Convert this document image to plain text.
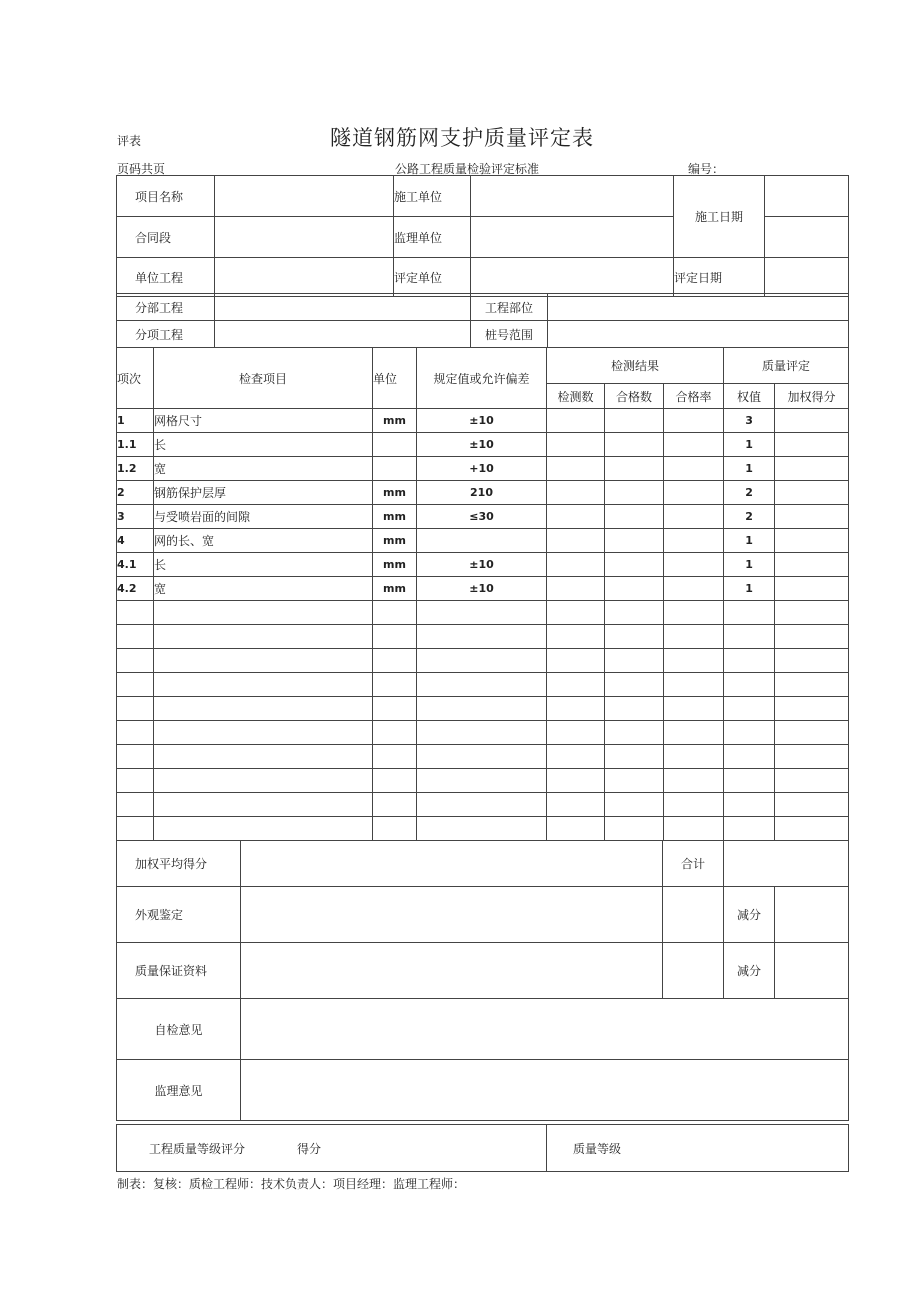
评表	隧道钢筋网支护质量评定表
页码共页	公路工程质量检验评定标准	编号：
项目名称		施工单位		施工日期	
合同段		监理单位			
单位工程		评定单位		评定日期	
分部工程		工程部位	
分项工程		桩号范围	
项次	检查项目	单位	规定值或允许偏差	检测结果			质量评定	
				检测数	合格数	合格率	权值	加权得分
1	网格尺寸	mm	±10				3	
1.1	长		±10				1	
1.2	宽		+10				1	
2	钢筋保护层厚	mm	210				2	
3	与受喷岩面的间隙	mm	≤30				2	
4	网的长、宽	mm					1	
4.1	长	mm	±10				1	
4.2	宽	mm	±10				1	

加权平均得分		合计		
外观鉴定			减分	
质量保证资料			减分	
自检意见				
监理意见				
工程质量等级评分	得分	质量等级
制表：复核：质检工程师：技术负责人：项目经理：监理工程师：
